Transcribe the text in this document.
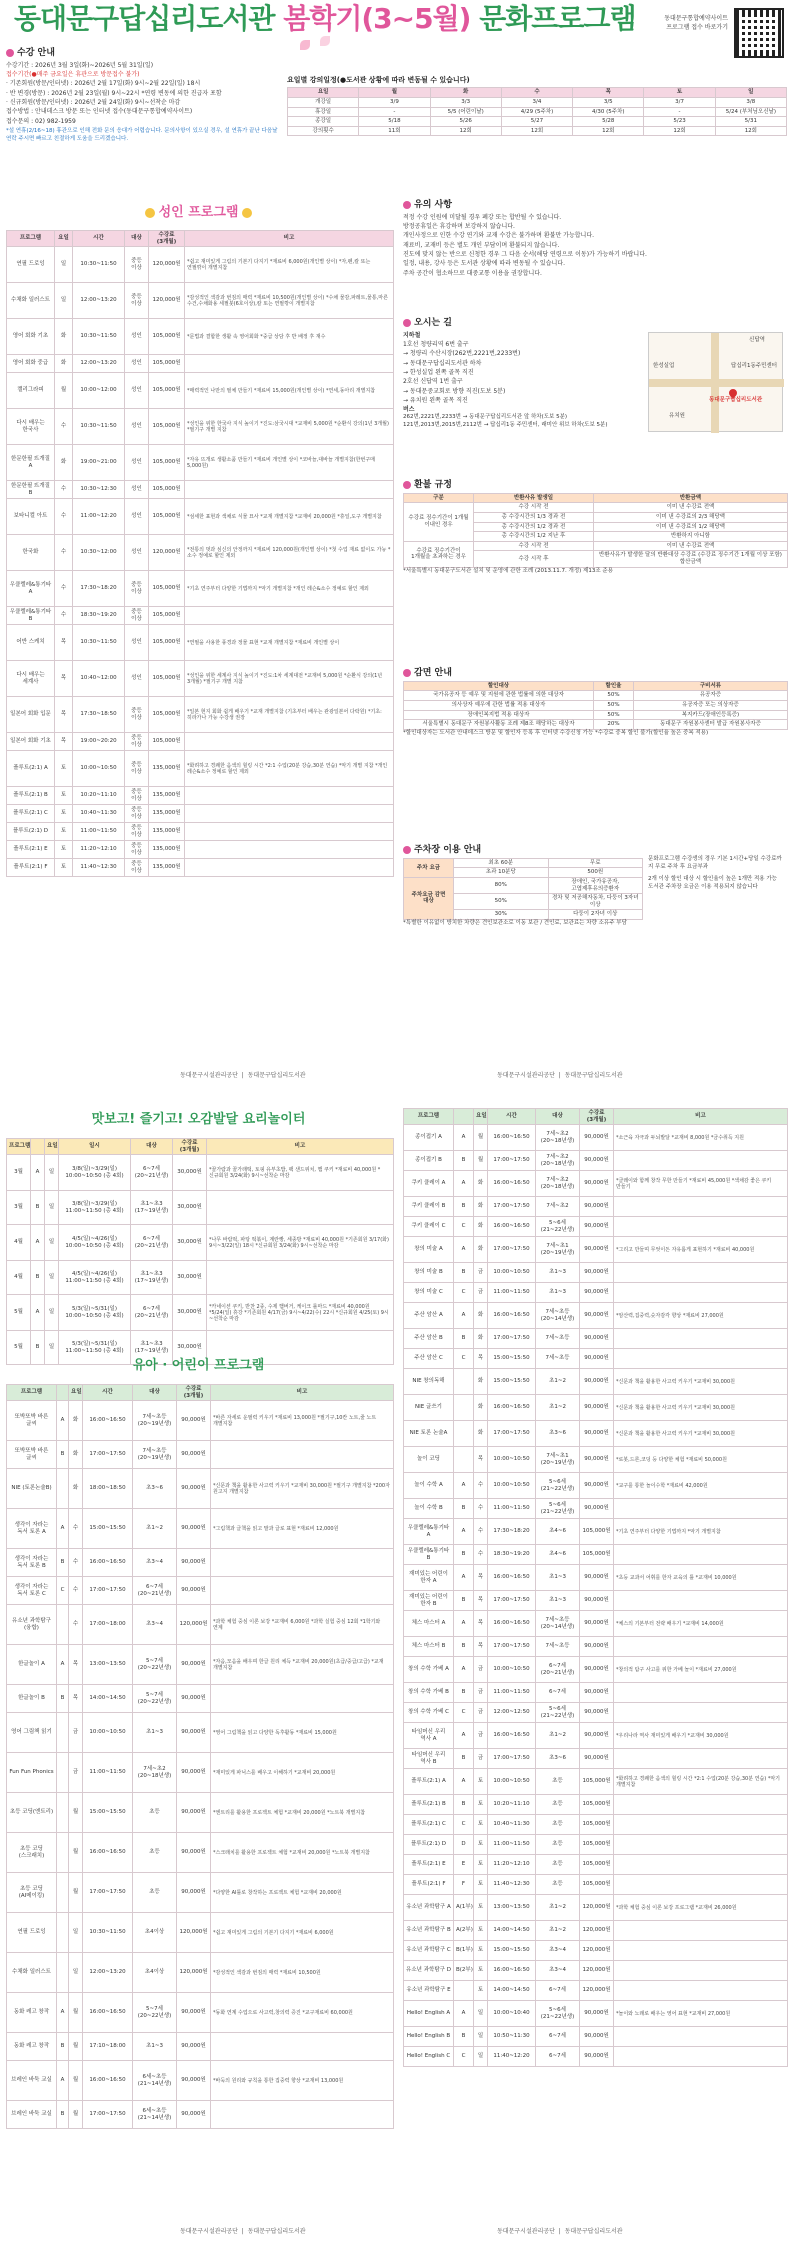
동대문구답십리도서관 봄학기(3~5월) 문화프로그램
수강 안내
수강기간 : 2026년 3월 3일(화)~2026년 5월 31일(일)
접수기간(●매주 금요일은 휴관으로 방문접수 불가)
· 기존회원(방문/인터넷) : 2026년 2월 17일(화) 9시~2월 22일(일) 18시
· 반 변경(방문) : 2026년 2월 23일(월) 9시~22시 *연령 변동에 의한 진급자 포함
· 신규회원(방문/인터넷) : 2026년 2월 24일(화) 9시~선착순 마감
접수방법 : 안내데스크 방문 또는 인터넷 접수(동대문구통합예약사이트)
접수문의 : 02) 982-1959
*설 연휴(2/16~18) 휴관으로 인해 전화 문의 응대가 어렵습니다. 문의사항이 있으실 경우, 설 연휴가 끝난 다음날 연락 주시면 빠르고 친절하게 도움을 드리겠습니다.
성인 프로그램
프로그램	요일	시간	대상	수강료 (3개월)	비고
연필 드로잉	일	10:30~11:50	중등 이상	120,000원	*쉽고 재미있게 그림의 기본기 다지기 *재료비 6,000원(개인별 상이) *자,펜,칼 또는 연필깎이 개별지참
수채화 일러스트	일	12:00~13:20	중등 이상	120,000원	*감성적인 색감과 번짐의 매력 *재료비 10,500원(개인별 상이) *수채 물감,파레트,물통,마른 수건,수채화용 세필붓(6호이상),칼 또는 연필깎이 개별지참
영어 회화 기초	화	10:30~11:50	성인	105,000원	*문법과 결합한 생활 속 영어회화 *중급 상담 후 반 배정 후 재수
영어 회화 중급	화	12:00~13:20	성인	105,000원	
캘리그라피	월	10:00~12:00	성인	105,000원	*매력적인 나만의 필체 만들기 *재료비 15,000원(개인별 상이) *연세,동아리 개별지참
다시 배우는 한국사	수	10:30~11:50	성인	105,000원	*성인을 위한 한국사 지식 높이기 *진도:삼국시대 *교재비 5,000원 *순환식 강의(1년 3개월) *필기구 개별 지참
한문한필 뜨개질 A	화	19:00~21:00	성인	105,000원	*자유 뜨개로 생활소품 만들기 *재료비 개인별 상이 *코바늘,대바늘 개별지참(한번구매 5,000원)
한문한필 뜨개질 B	수	10:30~12:30	성인	105,000원	
보타니컬 아트	수	11:00~12:20	성인	105,000원	*섬세한 표현과 색채로 식물 묘사 *교재 개별지참 *교재비 20,000원 *휴일,도구 개별지참
한국화	수	10:30~12:00	성인	120,000원	*전통의 멋과 심신의 안정까지 *재료비 120,000원(개인별 상이) *첫 수업 재료 없이도 가능 *소수 정예로 할인 제외
우클렐레&통기타 A	수	17:30~18:20	중등 이상	105,000원	*기초 연주부터 다양한 기법까지 *악기 개별지참 *개인 레슨&소수 정예로 할인 제외
우클렐레&통기타 B	수	18:30~19:20	중등 이상	105,000원	
어반 스케치	목	10:30~11:50	성인	105,000원	*연필을 사용한 풍경과 정물 표현 *교재 개별지참 *재료비 개인별 상이
다시 배우는 세계사	목	10:40~12:00	성인	105,000원	*성인을 위한 세계사 지식 높이기 *진도:1차 세계대전 *교재비 5,000원 *순환식 강의(1년 3개월) *필기구 개별 지참
일본어 회화 입문	목	17:30~18:50	중등 이상	105,000원	*일본 현지 회화 쉽게 배우기 *교재 개별지참 (기초부터 배우는 관광일본어 다락원) *기초:히라가나 가능 수강생 권장
일본어 회화 기초	목	19:00~20:20	중등 이상	105,000원	
플루트(2:1) A	토	10:00~10:50	중등 이상	135,000원	*화려하고 경쾌한 음색의 힐링 시간 *2:1 수업(20분 강습,30분 연습) *악기 개별 지참 *개인 레슨&소수 정예로 할인 제외
플루트(2:1) B	토	10:20~11:10	중등 이상	135,000원	
플루트(2:1) C	토	10:40~11:30	중등 이상	135,000원	
플루트(2:1) D	토	11:00~11:50	중등 이상	135,000원	
플루트(2:1) E	토	11:20~12:10	중등 이상	135,000원	
플루트(2:1) F	토	11:40~12:30	중등 이상	135,000원	
동대문구시설관리공단  |  동대문구답십리도서관
동대문구통합예약사이트
프로그램 접수 바로가기
요일별 강의일정(●도서관 상황에 따라 변동될 수 있습니다)
요일	월	화	수	목	토	일
개강일	3/9	3/3	3/4	3/5	3/7	3/8
휴강일	-	5/5 (어린이날)	4/29 (5주차)	4/30 (5주차)	-	5/24 (부처님오신날)
종강일	5/18	5/26	5/27	5/28	5/23	5/31
강의횟수	11회	12회	12회	12회	12회	12회
유의 사항
적정 수강 인원에 미달될 경우 폐강 또는 합반될 수 있습니다.
방정공휴일은 휴강하며 보강하지 않습니다.
개인사정으로 인한 수강 연기와 교재 수강은 불가하며 환불만 가능합니다.
재료비, 교재비 등은 별도 개인 부담이며 환불되지 않습니다.
진도에 맞지 않는 반으로 신청한 경우 그 다음 순서(해당 연령으로 이동)가 가능하기 바랍니다.
일정, 내용, 강사 등은 도서관 상황에 따라 변동될 수 있습니다.
주차 공간이 협소하므로 대중교통 이용을 권장합니다.
오시는 길
지하철
1호선 청량리역 6번 출구
→ 청량리 수산시장(262번,2221번,2233번)
→ 동대문구답십리도서관 하차
→ 한성실업 왼쪽 골목 직진
2호선 신답역 1번 출구
→ 동대문중교회로 방향 직진(도보 5분)
→ 유치원 왼쪽 골목 직진
버스
262번,2221번,2233번 → 동대문구답십리도서관 앞 하차(도보 5분)
121번,2013번,2015번,2112번 → 답십리1동 주민센터, 래미안 위브 하차(도보 5분)
동대문구답십리도서관
한성실업	답십리1동주민센터
신답역
유치원
환불 규정
구분	반환사유 발생일	반환금액
수강료 징수기간이 1개월 이내인 경우	수강 시작 전	이미 낸 수강료 전액
	총 수강시간의 1/3 경과 전	이미 낸 수강료의 2/3 해당액
	총 수강시간의 1/2 경과 전	이미 낸 수강료의 1/2 해당액
	총 수강시간의 1/2 지난 후	반환하지 아니함
수강료 징수기간이 1개월을 초과하는 경우	수강 시작 전	이미 낸 수강료 전액
	수강 시작 후	반환사유가 발생한 달의 반환대상 수강료 (수강료 징수기간 1개월 이상 포함) 합산금액
*서울특별시 동대문구도서관 설치 및 운영에 관한 조례 (2013.11.7. 개정) 제13조 준용
감면 안내
할인대상	할인율	구비서류
국가유공자 등 예우 및 지원에 관한 법률에 의한 대상자	50%	유공자증
의사상자 예우에 관한 법률 적용 대상자	50%	유공자증 또는 의상자증
장애인복지법 적용 대상자	50%	복지카드(장애인등록증)
서울특별시 동대문구 자원봉사활동 조례 제8조 해당하는 대상자	20%	동대문구 자원봉사센터 발급 자원봉사자증
*할인대상자는 도서관 안내데스크 방문 및 할인자 등록 후 인터넷 수강신청 가능 *수강료 중복 할인 불가(할인율 높은 중복 적용)
주차장 이용 안내
주차 요금	최초 60분	무료
	초과 10분당	500원
주차요금 감면 대상	80%	장애인, 국가유공자, 고엽제후유의증환자
	50%	경차 및 저공해자동차, 다둥이 3자녀 이상
	30%	다둥이 2자녀 이상
문화프로그램 수강생의 경우 기본 1시간+당일 수강료까지 무료 주차 후 요금부과
2개 이상 할인 대상 시 할인율이 높은 1개만 적용 가능 도서관 주차장 요금은 이용 적용되지 않습니다
*특별한 이유없이 방치한 차량은 견인보관소로 이동 보관 / 견인료, 보관료는 차량 소유주 부담
동대문구시설관리공단  |  동대문구답십리도서관
맛보고! 즐기고! 오감발달 요리놀이터
프로그램		요일	일시	대상	수강료 (3개월)	비고
3월	A	일	3/8(일)~3/29(일) 10:00~10:50 (총 4회)	6~7세 (20~21년생)	30,000원	*꿀가람과 꿀가래떡, 토핑 유부초밥, 팩 샌드위치, 햄 쿠키 *재료비 40,000원 *신규회원 3/24(화) 9시~선착순 마감
3월	B	일	3/8(일)~3/29(일) 11:00~11:50 (총 4회)	초1~초3 (17~19년생)	30,000원	
4월	A	일	4/5(일)~4/26(일) 10:00~10:50 (총 4회)	6~7세 (20~21년생)	30,000원	*나무 바람떡, 파탕 떡볶이, 계란빵, 세종방 *재료비 40,000원 *기존회원 3/17(화) 9시~3/22(일) 18시 *신규회원 3/24(화) 9시~선착순 마감
4월	B	일	4/5(일)~4/26(일) 11:00~11:50 (총 4회)	초1~초3 (17~19년생)	30,000원	
5월	A	일	5/3(일)~5/31(일) 10:00~10:50 (총 4회)	6~7세 (20~21년생)	30,000원	*카네이션 쿠키, 반찬 2종, 수제 햄버거, 케이크 롤마드 *재료비 40,000원 *5/24(일) 휴강 *기존회원 4/17(금) 9시~4/22(수) 22시 *신규회원 4/25(토) 9시~선착순 마감
5월	B	일	5/3(일)~5/31(일) 11:00~11:50 (총 4회)	초1~초3 (17~19년생)	30,000원	
유아 · 어린이 프로그램
프로그램		요일	시간	대상	수강료 (3개월)	비고
또박또박 바른 글씨	A	화	16:00~16:50	7세~초등 (20~19년생)	90,000원	*바른 자세로 운필력 키우기 *재료비 13,000원 *필기구,10칸 노트,줄 노트 개별지참
또박또박 바른 글씨	B	화	17:00~17:50	7세~초등 (20~19년생)	90,000원	
NIE (토론논술B)		화	18:00~18:50	초3~6	90,000원	*신문과 책을 활용한 사고력 키우기 *교재비 30,000원 *필기구 개별지참 *200자 원고지 개별지참
생각이 자라는 독서 토론 A	A	수	15:00~15:50	초1~2	90,000원	*그림책과 글책을 읽고 말과 글로 표현 *재료비 12,000원
생각이 자라는 독서 토론 B	B	수	16:00~16:50	초3~4	90,000원	
생각이 자라는 독서 토론 C	C	수	17:00~17:50	6~7세 (20~21년생)	90,000원	
유소년 과학탐구(융합)		수	17:00~18:00	초3~4	120,000원	*과학 체험 중심 이론 보강 *교재비 6,000원 *과학 실험 중심 12회 *1학기와 연계
한글놀이 A	A	목	13:00~13:50	5~7세 (20~22년생)	90,000원	*자음,모음을 배우며 한글 원리 체득 *교재비 20,000원(초급/중급/고급) *교재 개별지참
한글놀이 B	B	목	14:00~14:50	5~7세 (20~22년생)	90,000원	
영어 그림책 읽기		금	10:00~10:50	초1~3	90,000원	*영어 그림책을 읽고 다양한 독후활동 *재료비 15,000원
Fun Fun Phonics		금	11:00~11:50	7세~초2 (20~18년생)	90,000원	*재미있게 파닉스를 배우고 이해하기 *교재비 20,000원
초등 코딩(엔트리)		월	15:00~15:50	초등	90,000원	*엔트리를 활용한 프로젝트 체험 *교재비 20,000원 *노트북 개별지참
초등 코딩(스크래치)		월	16:00~16:50	초등	90,000원	*스크래치를 활용한 프로젝트 체험 *교재비 20,000원 *노트북 개별지참
초등 코딩(AI메이킹)		월	17:00~17:50	초등	90,000원	*다양한 AI툴로 창작하는 프로젝트 체험 *교재비 20,000원
연필 드로잉		일	10:30~11:50	초4이상	120,000원	*쉽고 재미있게 그림의 기본기 다지기 *재료비 6,000원
수채화 일러스트		일	12:00~13:20	초4이상	120,000원	*감성적인 색감과 번짐의 매력 *재료비 10,500원
동화 레고 창작	A	월	16:00~16:50	5~7세 (20~22년생)	90,000원	*동화 연계 수업으로 사고력,창의력 증진 *교구재료비 60,000원
동화 레고 창작	B	월	17:10~18:00	초1~3	90,000원	
브레인 바둑 교실	A	월	16:00~16:50	6세~초등 (21~14년생)	90,000원	*바둑의 원리와 규칙을 통한 집중력 향상 *교재비 13,000원
브레인 바둑 교실	B	월	17:00~17:50	6세~초등 (21~14년생)	90,000원	
동대문구시설관리공단  |  동대문구답십리도서관
프로그램		요일	시간	대상	수강료 (3개월)	비고
종이접기 A	A	월	16:00~16:50	7세~초2 (20~18년생)	90,000원	*소근육 자극과 두뇌발달 *교재비 8,000원 *금수취득 지원
종이접기 B	B	월	17:00~17:50	7세~초2 (20~18년생)	90,000원	
쿠키 클레이 A	A	화	16:00~16:50	7세~초2 (20~18년생)	90,000원	*클레이와 함께 창작 무한 만들기 *재료비 45,000원 *색채감 좋은 쿠키 만들기
쿠키 클레이 B	B	화	17:00~17:50	7세~초2	90,000원	
쿠키 클레이 C	C	화	16:00~16:50	5~6세 (21~22년생)	90,000원	
창의 미술 A	A	화	17:00~17:50	7세~초1 (20~19년생)	90,000원	*그리고 만들며 무엇이든 자유롭게 표현하기 *재료비 40,000원
창의 미술 B	B	금	10:00~10:50	초1~3	90,000원	
창의 미술 C	C	금	11:00~11:50	초1~3	90,000원	
주산 암산 A	A	화	16:00~16:50	7세~초등 (20~14년생)	90,000원	*암산력,집중력,숫자감각 향상 *재료비 27,000원
주산 암산 B	B	화	17:00~17:50	7세~초등	90,000원	
주산 암산 C	C	목	15:00~15:50	7세~초등	90,000원	
NIE 창의독해		화	15:00~15:50	초1~2	90,000원	*신문과 책을 활용한 사고력 키우기 *교재비 30,000원
NIE 글쓰기		화	16:00~16:50	초1~2	90,000원	*신문과 책을 활용한 사고력 키우기 *교재비 30,000원
NIE 토론 논술A		화	17:00~17:50	초3~6	90,000원	*신문과 책을 활용한 사고력 키우기 *교재비 30,000원
놀이 코딩		목	10:00~10:50	7세~초1 (20~19년생)	90,000원	*로봇,드론,코딩 등 다양한 체험 *재료비 50,000원
놀이 수학 A	A	수	10:00~10:50	5~6세 (21~22년생)	90,000원	*교구를 통한 놀이수학 *재료비 42,000원
놀이 수학 B	B	수	11:00~11:50	5~6세 (21~22년생)	90,000원	
우클렐레&통기타 A	A	수	17:30~18:20	초4~6	105,000원	*기초 연주부터 다양한 기법까지 *악기 개별지참
우클렐레&통기타 B	B	수	18:30~19:20	초4~6	105,000원	
재미있는 어린이 한자 A	A	목	16:00~16:50	초1~3	90,000원	*초등 교과서 어휘를 한자 교육의 틀 *교재비 10,000원
재미있는 어린이 한자 B	B	목	17:00~17:50	초1~3	90,000원	
체스 마스터 A	A	목	16:00~16:50	7세~초등 (20~14년생)	90,000원	*체스의 기본부터 전략 배우기 *교재비 14,000원
체스 마스터 B	B	목	17:00~17:50	7세~초등	90,000원	
창의 수학 가베 A	A	금	10:00~10:50	6~7세 (20~21년생)	90,000원	*창의적 탐구 사고를 위한 가베 놀이 *재료비 27,000원
창의 수학 가베 B	B	금	11:00~11:50	6~7세	90,000원	
창의 수학 가베 C	C	금	12:00~12:50	5~6세 (21~22년생)	90,000원	
타임머신 우리 역사 A	A	금	16:00~16:50	초1~2	90,000원	*우리나라 역사 재미있게 배우기 *교재비 30,000원
타임머신 우리 역사 B	B	금	17:00~17:50	초3~6	90,000원	
플루트(2:1) A	A	토	10:00~10:50	초등	105,000원	*화려하고 경쾌한 음색의 힐링 시간 *2:1 수업(20분 강습,30분 연습) *악기 개별지참
플루트(2:1) B	B	토	10:20~11:10	초등	105,000원	
플루트(2:1) C	C	토	10:40~11:30	초등	105,000원	
플루트(2:1) D	D	토	11:00~11:50	초등	105,000원	
플루트(2:1) E	E	토	11:20~12:10	초등	105,000원	
플루트(2:1) F	F	토	11:40~12:30	초등	105,000원	
유소년 과학탐구 A	A(1부)	토	13:00~13:50	초1~2	120,000원	*과학 체험 중심 이론 보강 프로그램 *교재비 26,000원
유소년 과학탐구 B	A(2부)	토	14:00~14:50	초1~2	120,000원	
유소년 과학탐구 C	B(1부)	토	15:00~15:50	초3~4	120,000원	
유소년 과학탐구 D	B(2부)	토	16:00~16:50	초3~4	120,000원	
유소년 과학탐구 E		토	14:00~14:50	6~7세	120,000원	
Hello! English A	A	일	10:00~10:40	5~6세 (21~22년생)	90,000원	*놀이와 노래로 배우는 영어 표현 *교재비 27,000원
Hello! English B	B	일	10:50~11:30	6~7세	90,000원	
Hello! English C	C	일	11:40~12:20	6~7세	90,000원	
동대문구시설관리공단  |  동대문구답십리도서관
